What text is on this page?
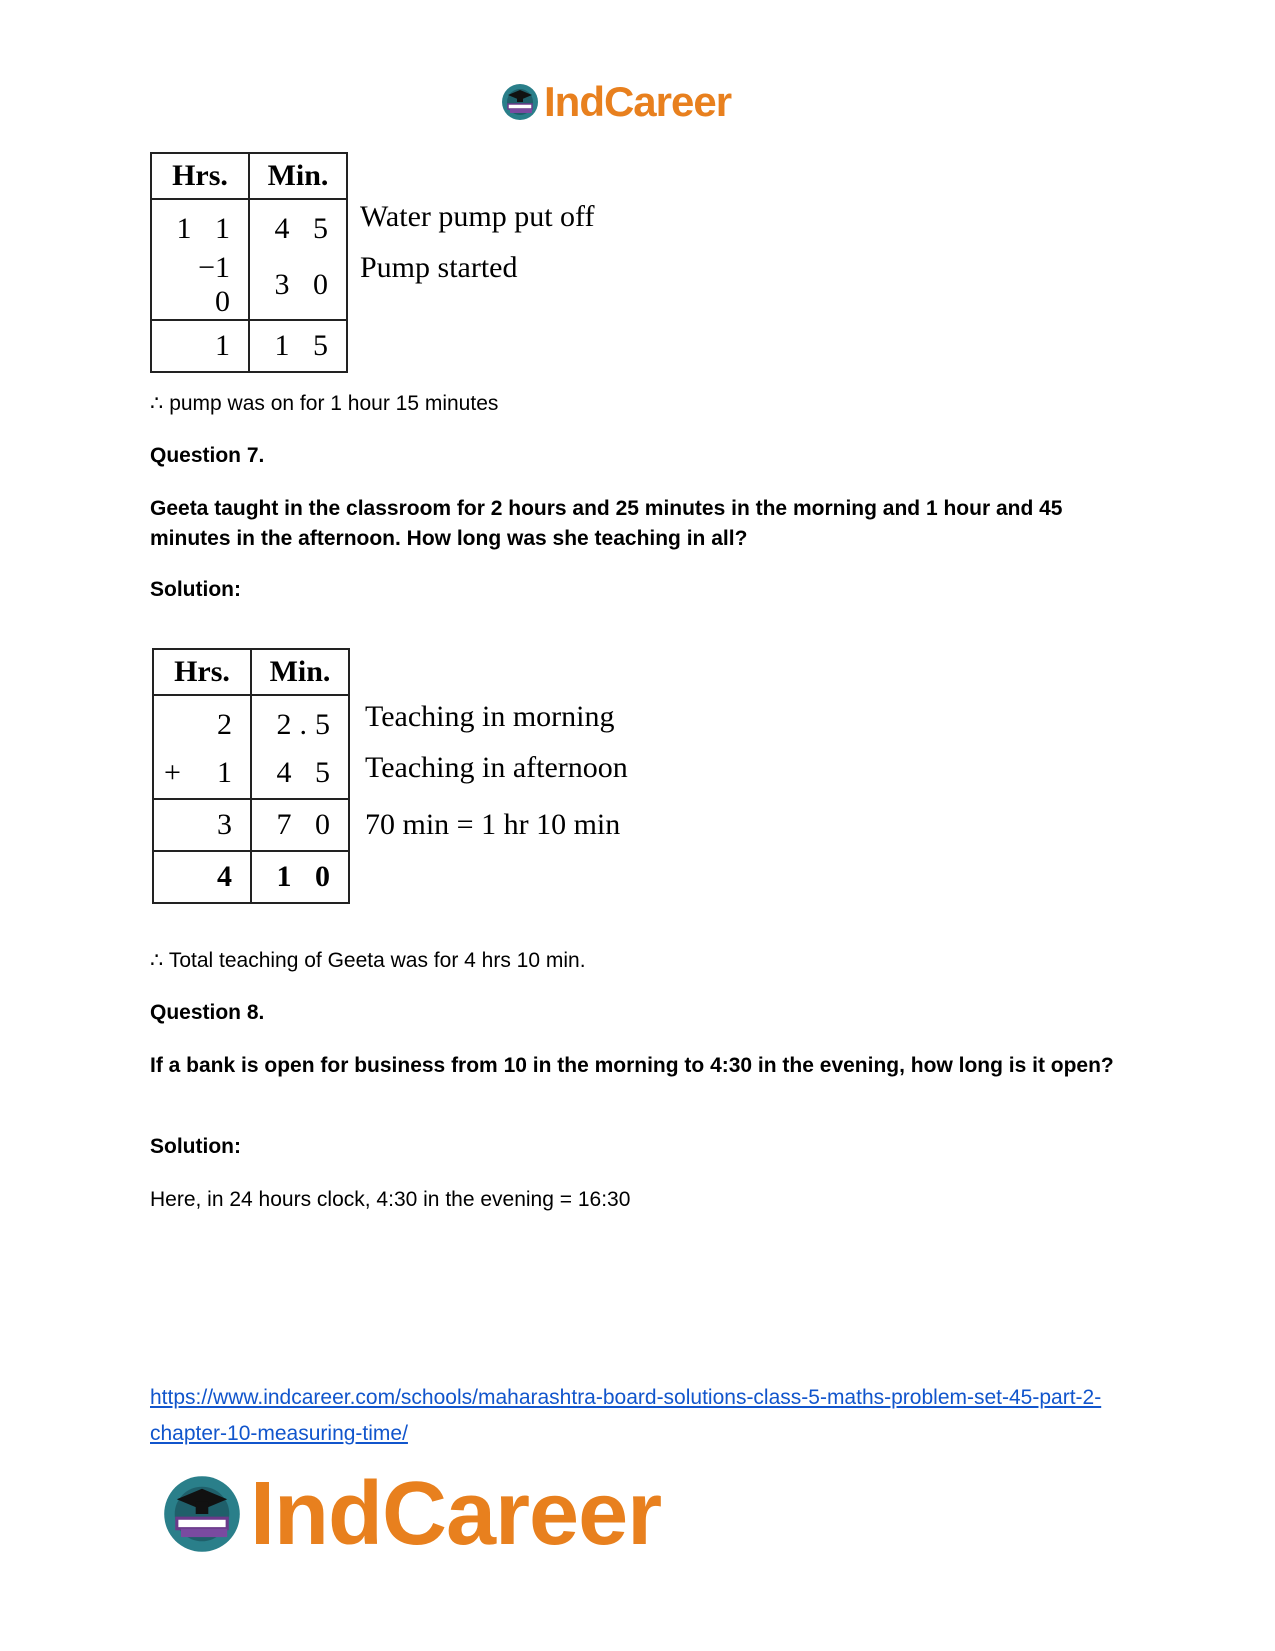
IndCareer
Hrs.	Min.
1 1	4 5
−1 0	3 0
1	1 5
Water pump put off
Pump started
∴ pump was on for 1 hour 15 minutes
Question 7.
Geeta taught in the classroom for 2 hours and 25 minutes in the morning and 1 hour and 45 minutes in the afternoon. How long was she teaching in all?
Solution:
Hrs.	Min.
2	2.5

+ 1	4 5
3	7 0
4	1 0
Teaching in morning
Teaching in afternoon
70 min = 1 hr 10 min
∴ Total teaching of Geeta was for 4 hrs 10 min.
Question 8.
If a bank is open for business from 10 in the morning to 4:30 in the evening, how long is it open?
Solution:
Here, in 24 hours clock, 4:30 in the evening = 16:30
https://www.indcareer.com/schools/maharashtra-board-solutions-class-5-maths-problem-set-45-part-2-chapter-10-measuring-time/
IndCareer
